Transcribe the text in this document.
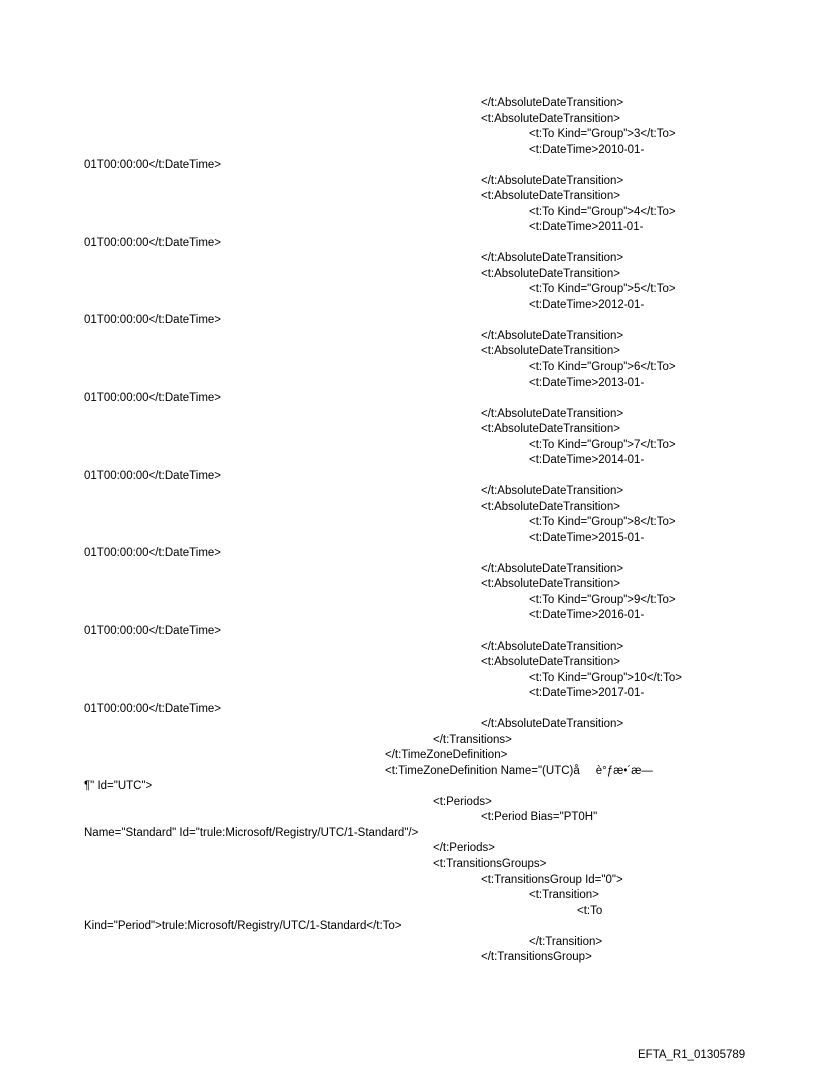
</t:AbsoluteDateTransition>
<t:AbsoluteDateTransition>
<t:To Kind="Group">3</t:To>
<t:DateTime>2010-01-
01T00:00:00</t:DateTime>
</t:AbsoluteDateTransition>
<t:AbsoluteDateTransition>
<t:To Kind="Group">4</t:To>
<t:DateTime>2011-01-
01T00:00:00</t:DateTime>
</t:AbsoluteDateTransition>
<t:AbsoluteDateTransition>
<t:To Kind="Group">5</t:To>
<t:DateTime>2012-01-
01T00:00:00</t:DateTime>
</t:AbsoluteDateTransition>
<t:AbsoluteDateTransition>
<t:To Kind="Group">6</t:To>
<t:DateTime>2013-01-
01T00:00:00</t:DateTime>
</t:AbsoluteDateTransition>
<t:AbsoluteDateTransition>
<t:To Kind="Group">7</t:To>
<t:DateTime>2014-01-
01T00:00:00</t:DateTime>
</t:AbsoluteDateTransition>
<t:AbsoluteDateTransition>
<t:To Kind="Group">8</t:To>
<t:DateTime>2015-01-
01T00:00:00</t:DateTime>
</t:AbsoluteDateTransition>
<t:AbsoluteDateTransition>
<t:To Kind="Group">9</t:To>
<t:DateTime>2016-01-
01T00:00:00</t:DateTime>
</t:AbsoluteDateTransition>
<t:AbsoluteDateTransition>
<t:To Kind="Group">10</t:To>
<t:DateTime>2017-01-
01T00:00:00</t:DateTime>
</t:AbsoluteDateTransition>
</t:Transitions>
</t:TimeZoneDefinition>
<t:TimeZoneDefinition Name="(UTC)å     è°ƒæ•´æ—
¶" Id="UTC">
<t:Periods>
<t:Period Bias="PT0H"
Name="Standard" Id="trule:Microsoft/Registry/UTC/1-Standard"/>
</t:Periods>
<t:TransitionsGroups>
<t:TransitionsGroup Id="0">
<t:Transition>
<t:To
Kind="Period">trule:Microsoft/Registry/UTC/1-Standard</t:To>
</t:Transition>
</t:TransitionsGroup>
EFTA_R1_01305789
